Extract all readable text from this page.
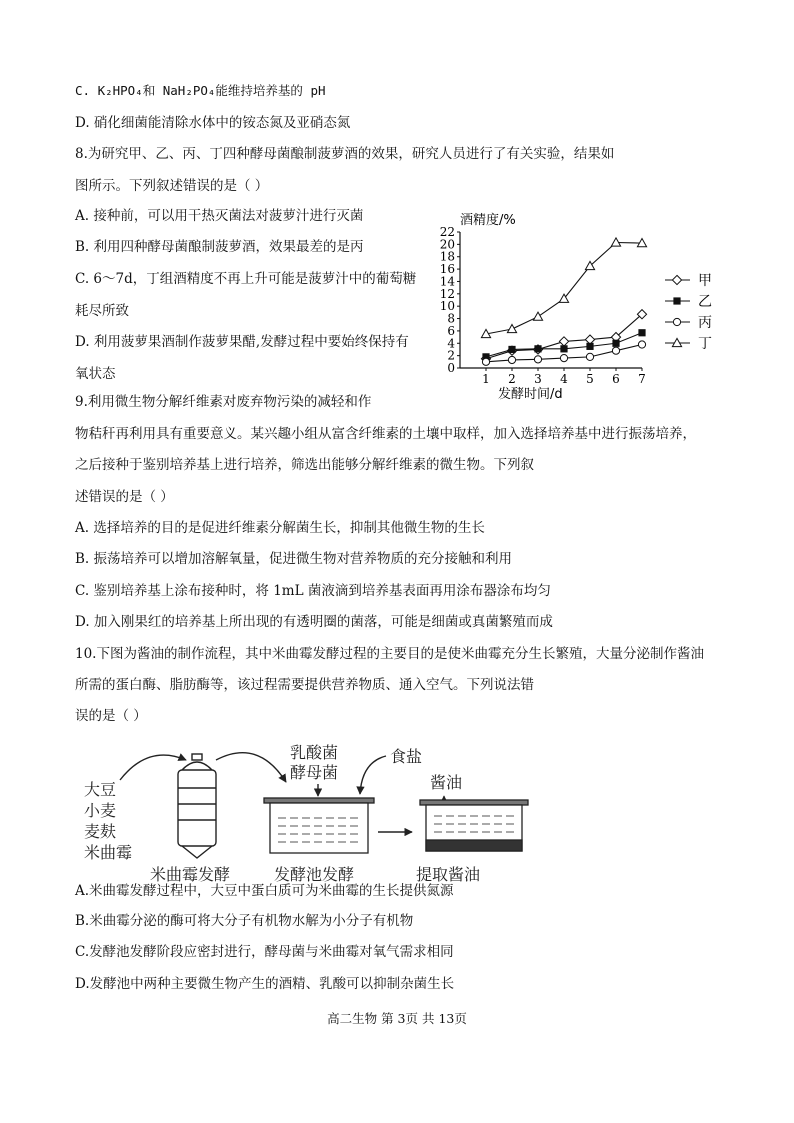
C. K₂HPO₄和 NaH₂PO₄能维持培养基的 pH
D. 硝化细菌能清除水体中的铵态氮及亚硝态氮
8.为研究甲、乙、丙、丁四种酵母菌酿制菠萝酒的效果，研究人员进行了有关实验，结果如
图所示。下列叙述错误的是（ ）
A. 接种前，可以用干热灭菌法对菠萝汁进行灭菌
B. 利用四种酵母菌酿制菠萝酒，效果最差的是丙
C. 6～7d，丁组酒精度不再上升可能是菠萝汁中的葡萄糖
耗尽所致
D. 利用菠萝果酒制作菠萝果醋,发酵过程中要始终保持有
氧状态
9.利用微生物分解纤维素对废弃物污染的减轻和作
物秸秆再利用具有重要意义。某兴趣小组从富含纤维素的土壤中取样，加入选择培养基中进行振荡培养，
之后接种于鉴别培养基上进行培养，筛选出能够分解纤维素的微生物。下列叙
述错误的是（ ）
A. 选择培养的目的是促进纤维素分解菌生长，抑制其他微生物的生长
B. 振荡培养可以增加溶解氧量，促进微生物对营养物质的充分接触和利用
C. 鉴别培养基上涂布接种时，将 1mL 菌液滴到培养基表面再用涂布器涂布均匀
D. 加入刚果红的培养基上所出现的有透明圈的菌落，可能是细菌或真菌繁殖而成
10.下图为酱油的制作流程，其中米曲霉发酵过程的主要目的是使米曲霉充分生长繁殖，大量分泌制作酱油
所需的蛋白酶、脂肪酶等，该过程需要提供营养物质、通入空气。下列说法错
误的是（ ）
A.米曲霉发酵过程中，大豆中蛋白质可为米曲霉的生长提供氮源
B.米曲霉分泌的酶可将大分子有机物水解为小分子有机物
C.发酵池发酵阶段应密封进行，酵母菌与米曲霉对氧气需求相同
D.发酵池中两种主要微生物产生的酒精、乳酸可以抑制杂菌生长
高二生物 第 3页 共 13页
酒精度/%
发酵时间/d
0
2
4
6
8
10
12
14
16
18
20
22
1 2 3 4 5 6 7
甲
乙
丙
丁
大豆
小麦
麦麸
米曲霉
乳酸菌
酵母菌
食盐
酱油
米曲霉发酵	发酵池发酵	提取酱油
